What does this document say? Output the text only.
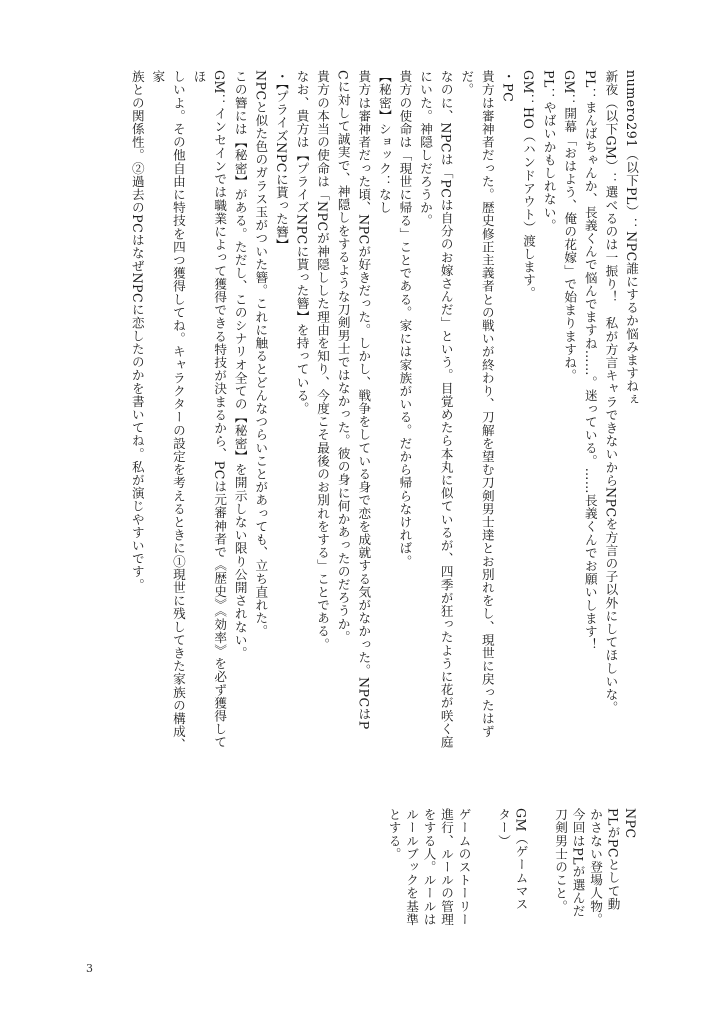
numero291（以下PL）：NPC誰にするか悩みますねぇ

新夜（以下GM）：選べるのは一振り！　私が方言キャラできないからNPCを方言の子以外にしてほしいな。

PL：まんばちゃんか、長義くんで悩んでますね……。迷っている。……長義くんでお願いします！

GM：開幕「おはよう、俺の花嫁」で始まりますね。

PL：やばいかもしれない。

GM：HO（ハンドアウト）渡します。

・PC

貴方は審神者だった。歴史修正主義者との戦いが終わり、刀解を望む刀剣男士達とお別れをし、現世に戻ったはずだ。

なのに、NPCは「PCは自分のお嫁さんだ」という。目覚めたら本丸に似ているが、四季が狂ったように花が咲く庭

にいた。神隠しだろうか。

貴方の使命は「現世に帰る」ことである。家には家族がいる。だから帰らなければ。

【秘密】ショック：なし

貴方は審神者だった頃、NPCが好きだった。しかし、戦争をしている身で恋を成就する気がなかった。NPCはP

Cに対して誠実で、神隠しをするような刀剣男士ではなかった。彼の身に何かあったのだろうか。

貴方の本当の使命は「NPCが神隠しした理由を知り、今度こそ最後のお別れをする」ことである。

なお、貴方は【プライズNPCに貰った簪】を持っている。

・【プライズNPCに貰った簪】

NPCと似た色のガラス玉がついた簪。これに触るとどんなつらいことがあっても、立ち直れた。

この簪には【秘密】がある。ただし、このシナリオ全ての【秘密】を開示しない限り公開されない。

GM：インセインでは職業によって獲得できる特技が決まるから、PCは元審神者で《歴史》《効率》を必ず獲得してほ

しいよ。その他自由に特技を四つ獲得してね。キャラクターの設定を考えるときに①現世に残してきた家族の構成、家

族との関係性。②過去のPCはなぜNPCに恋したのかを書いてね。私が演じやすいです。

NPC

PLがPCとして動

かさない登場人物。

今回はPLが選んだ

刀剣男士のこと。

GM（ゲームマス

ター）

ゲームのストーリー

進行、ルールの管理

をする人。ルールは

ルールブックを基準

とする。

3
